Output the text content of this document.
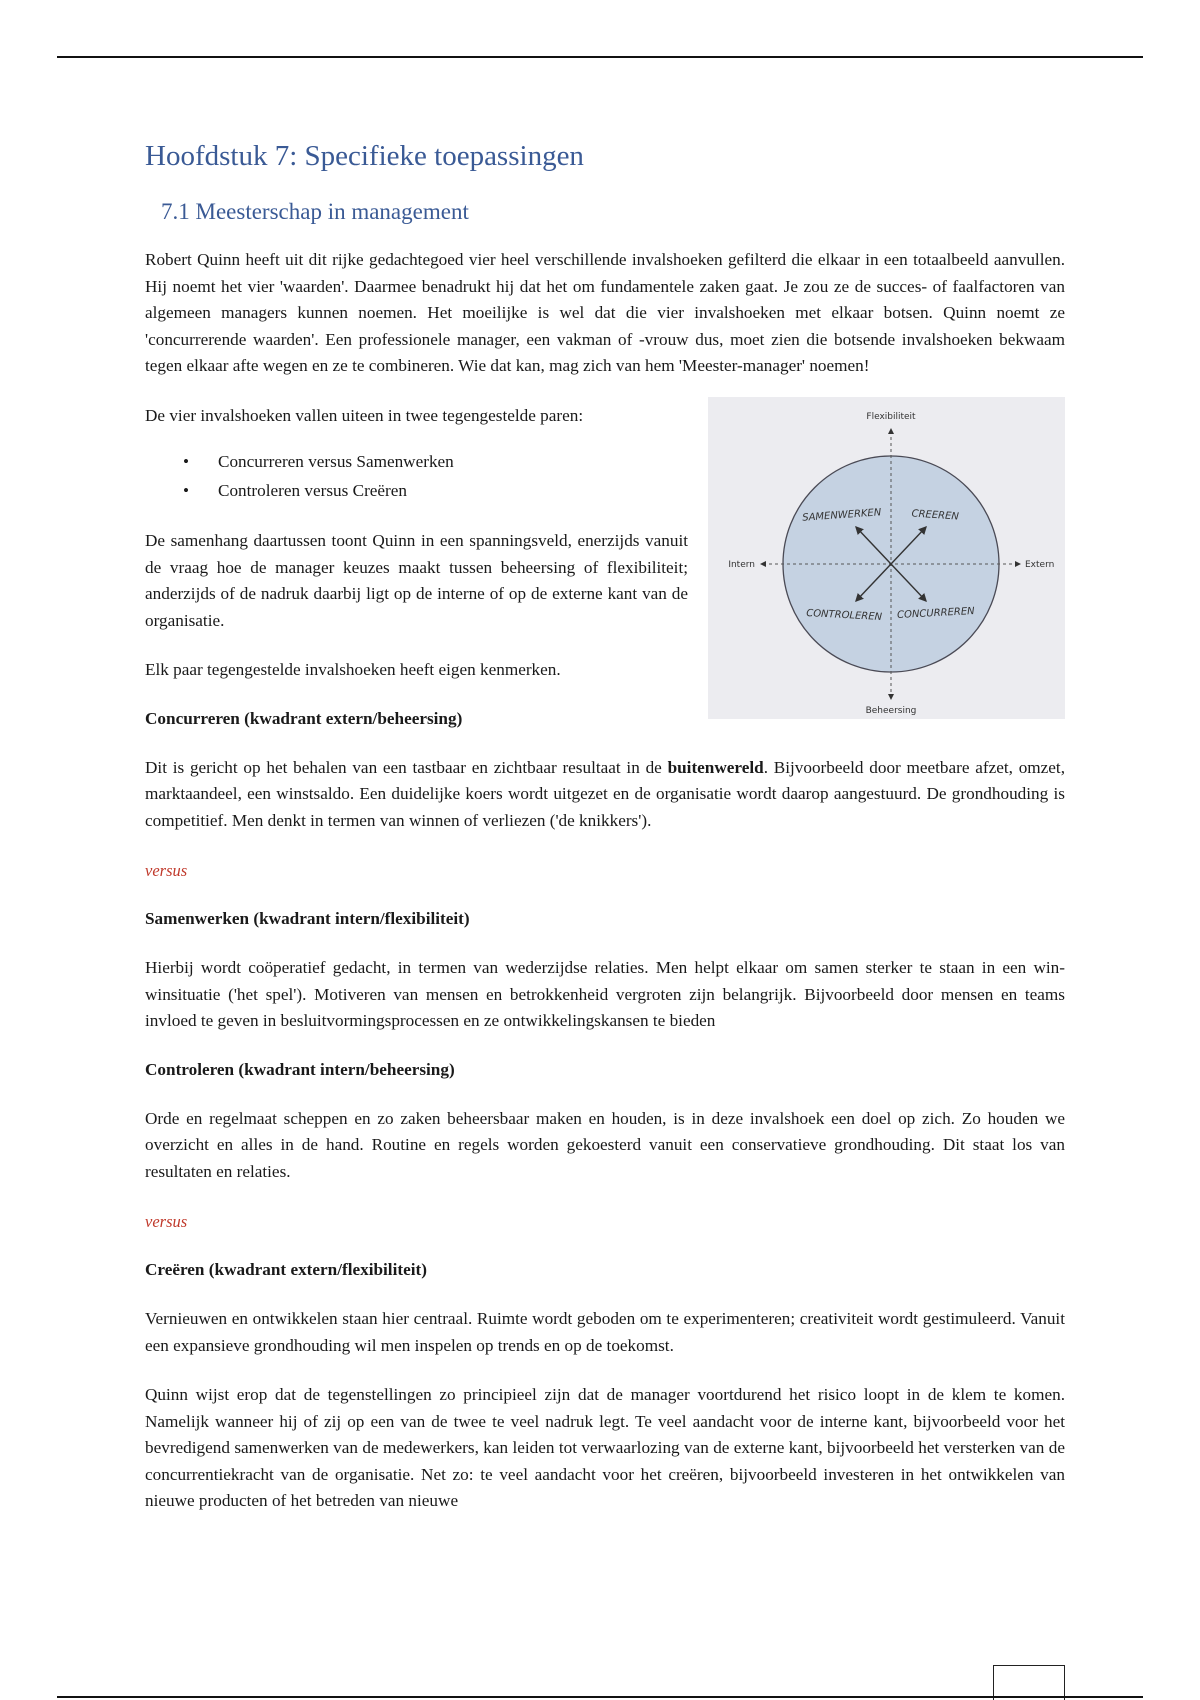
Hoofdstuk 7: Specifieke toepassingen
7.1 Meesterschap in management

Robert Quinn heeft uit dit rijke gedachtegoed vier heel verschillende invalshoeken gefilterd die elkaar in een totaalbeeld aanvullen. Hij noemt het vier 'waarden'. Daarmee benadrukt hij dat het om fundamentele zaken gaat. Je zou ze de succes- of faalfactoren van algemeen managers kunnen noemen. Het moeilijke is wel dat die vier invalshoeken met elkaar botsen. Quinn noemt ze 'concurrerende waarden'. Een professionele manager, een vakman of -vrouw dus, moet zien die botsende invalshoeken bekwaam tegen elkaar afte wegen en ze te combineren. Wie dat kan, mag zich van hem 'Meester-manager' noemen!

De vier invalshoeken vallen uiteen in twee tegengestelde paren:

• Concurreren versus Samenwerken
• Controleren versus Creëren

De samenhang daartussen toont Quinn in een spanningsveld, enerzijds vanuit de vraag hoe de manager keuzes maakt tussen beheersing of flexibiliteit; anderzijds of de nadruk daarbij ligt op de interne of op de externe kant van de organisatie.

Elk paar tegengestelde invalshoeken heeft eigen kenmerken.

Flexibiliteit
Beheersing
Intern	Extern
SAMENWERKEN	CREEREN
CONTROLEREN CONCURREREN
Concurreren (kwadrant extern/beheersing)

Dit is gericht op het behalen van een tastbaar en zichtbaar resultaat in de buitenwereld. Bijvoorbeeld door meetbare afzet, omzet, marktaandeel, een winstsaldo. Een duidelijke koers wordt uitgezet en de organisatie wordt daarop aangestuurd. De grondhouding is competitief. Men denkt in termen van winnen of verliezen ('de knikkers').

versus
Samenwerken (kwadrant intern/flexibiliteit)

Hierbij wordt coöperatief gedacht, in termen van wederzijdse relaties. Men helpt elkaar om samen sterker te staan in een win-winsituatie ('het spel'). Motiveren van mensen en betrokkenheid vergroten zijn belangrijk. Bijvoorbeeld door mensen en teams invloed te geven in besluitvormingsprocessen en ze ontwikkelingskansen te bieden

Controleren (kwadrant intern/beheersing)

Orde en regelmaat scheppen en zo zaken beheersbaar maken en houden, is in deze invalshoek een doel op zich. Zo houden we overzicht en alles in de hand. Routine en regels worden gekoesterd vanuit een conservatieve grondhouding. Dit staat los van resultaten en relaties.

versus
Creëren (kwadrant extern/flexibiliteit)

Vernieuwen en ontwikkelen staan hier centraal. Ruimte wordt geboden om te experimenteren; creativiteit wordt gestimuleerd. Vanuit een expansieve grondhouding wil men inspelen op trends en op de toekomst.

Quinn wijst erop dat de tegenstellingen zo principieel zijn dat de manager voortdurend het risico loopt in de klem te komen. Namelijk wanneer hij of zij op een van de twee te veel nadruk legt. Te veel aandacht voor de interne kant, bijvoorbeeld voor het bevredigend samenwerken van de medewerkers, kan leiden tot verwaarlozing van de externe kant, bijvoorbeeld het versterken van de concurrentiekracht van de organisatie. Net zo: te veel aandacht voor het creëren, bijvoorbeeld investeren in het ontwikkelen van nieuwe producten of het betreden van nieuwe
